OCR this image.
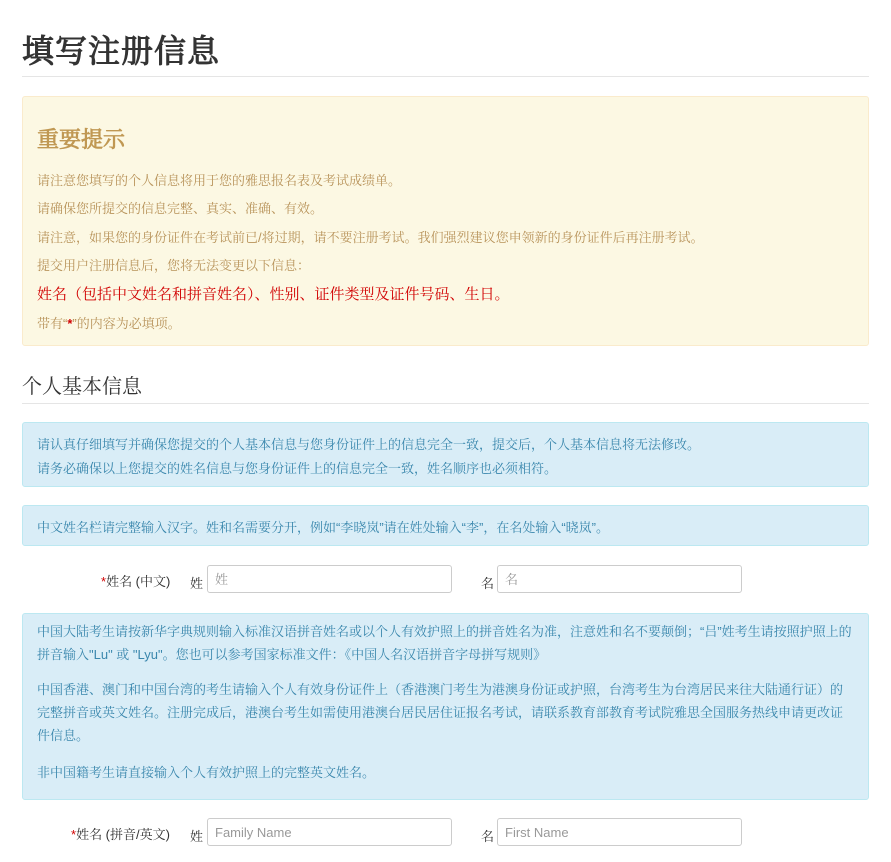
填写注册信息
重要提示
请注意您填写的个人信息将用于您的雅思报名表及考试成绩单。
请确保您所提交的信息完整、真实、准确、有效。
请注意，如果您的身份证件在考试前已/将过期，请不要注册考试。我们强烈建议您申领新的身份证件后再注册考试。
提交用户注册信息后，您将无法变更以下信息：
姓名（包括中文姓名和拼音姓名）、性别、证件类型及证件号码、生日。
带有“*”的内容为必填项。
个人基本信息
请认真仔细填写并确保您提交的个人基本信息与您身份证件上的信息完全一致，提交后，个人基本信息将无法修改。
请务必确保以上您提交的姓名信息与您身份证件上的信息完全一致，姓名顺序也必须相符。
中文姓名栏请完整输入汉字。姓和名需要分开，例如“李晓岚”请在姓处输入“李”，在名处输入“晓岚”。
*姓名 (中文) 姓
姓	名
名
中国大陆考生请按新华字典规则输入标准汉语拼音姓名或以个人有效护照上的拼音姓名为准，注意姓和名不要颠倒；“吕”姓考生请按照护照上的拼音输入"Lu" 或 "Lyu"。您也可以参考国家标准文件：《中国人名汉语拼音字母拼写规则》
中国香港、澳门和中国台湾的考生请输入个人有效身份证件上（香港澳门考生为港澳身份证或护照，台湾考生为台湾居民来往大陆通行证）的完整拼音或英文姓名。注册完成后，港澳台考生如需使用港澳台居民居住证报名考试，请联系教育部教育考试院雅思全国服务热线申请更改证件信息。
非中国籍考生请直接输入个人有效护照上的完整英文姓名。
*姓名 (拼音/英文) 姓
Family Name	名
First Name
